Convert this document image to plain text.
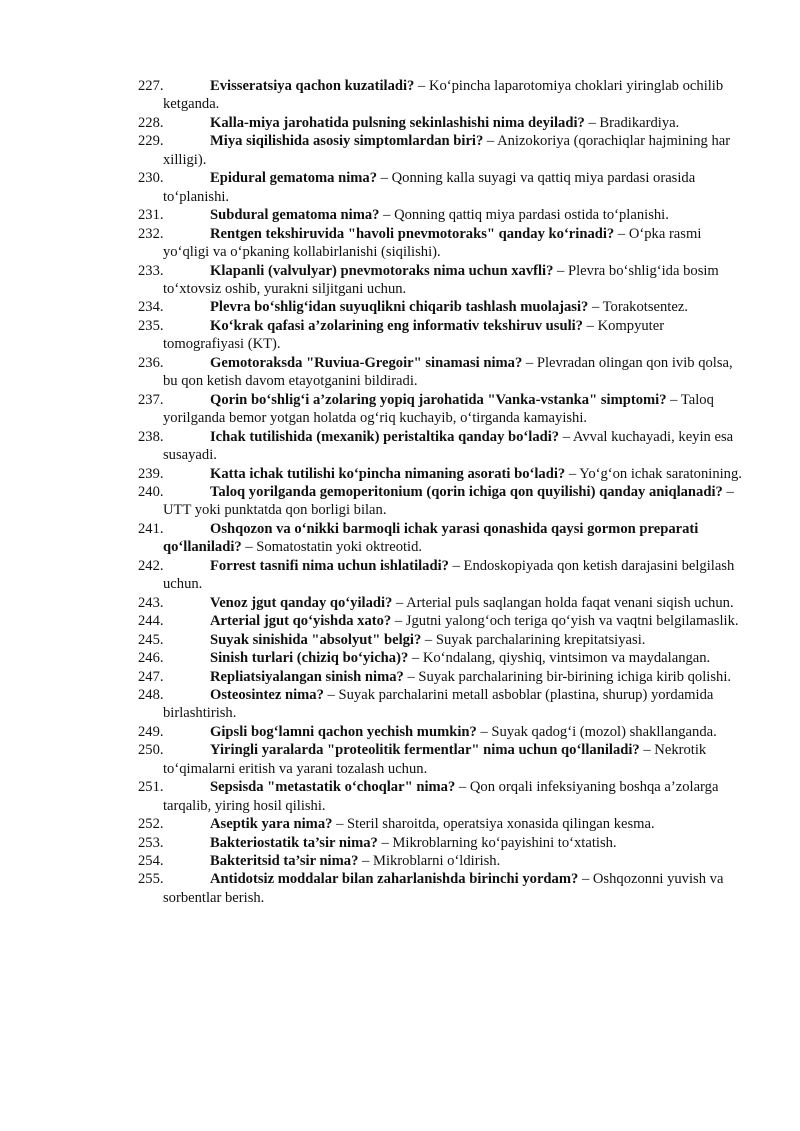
227.	Evisseratsiya qachon kuzatiladi? – Ko‘pincha laparotomiya choklari yiringlab ochilib ketganda.
228.	Kalla-miya jarohatida pulsning sekinlashishi nima deyiladi? – Bradikardiya.
229.	Miya siqilishida asosiy simptomlardan biri? – Anizokoriya (qorachiqlar hajmining har xilligi).
230.	Epidural gematoma nima? – Qonning kalla suyagi va qattiq miya pardasi orasida to‘planishi.
231.	Subdural gematoma nima? – Qonning qattiq miya pardasi ostida to‘planishi.
232.	Rentgen tekshiruvida "havoli pnevmotoraks" qanday ko‘rinadi? – O‘pka rasmi yo‘qligi va o‘pkaning kollabirlanishi (siqilishi).
233.	Klapanli (valvulyar) pnevmotoraks nima uchun xavfli? – Plevra bo‘shlig‘ida bosim to‘xtovsiz oshib, yurakni siljitgani uchun.
234.	Plevra bo‘shlig‘idan suyuqlikni chiqarib tashlash muolajasi? – Torakotsentez.
235.	Ko‘krak qafasi a’zolarining eng informativ tekshiruv usuli? – Kompyuter tomografiyasi (KT).
236.	Gemotoraksda "Ruviua-Gregoir" sinamasi nima? – Plevradan olingan qon ivib qolsa, bu qon ketish davom etayotganini bildiradi.
237.	Qorin bo‘shlig‘i a’zolaring yopiq jarohatida "Vanka-vstanka" simptomi? – Taloq yorilganda bemor yotgan holatda og‘riq kuchayib, o‘tirganda kamayishi.
238.	Ichak tutilishida (mexanik) peristaltika qanday bo‘ladi? – Avval kuchayadi, keyin esa susayadi.
239.	Katta ichak tutilishi ko‘pincha nimaning asorati bo‘ladi? – Yo‘g‘on ichak saratonining.
240.	Taloq yorilganda gemoperitonium (qorin ichiga qon quyilishi) qanday aniqlanadi? – UTT yoki punktatda qon borligi bilan.
241.	Oshqozon va o‘nikki barmoqli ichak yarasi qonashida qaysi gormon preparati qo‘llaniladi? – Somatostatin yoki oktreotid.
242.	Forrest tasnifi nima uchun ishlatiladi? – Endoskopiyada qon ketish darajasini belgilash uchun.
243.	Venoz jgut qanday qo‘yiladi? – Arterial puls saqlangan holda faqat venani siqish uchun.
244.	Arterial jgut qo‘yishda xato? – Jgutni yalong‘och teriga qo‘yish va vaqtni belgilamaslik.
245.	Suyak sinishida "absolyut" belgi? – Suyak parchalarining krepitatsiyasi.
246.	Sinish turlari (chiziq bo‘yicha)? – Ko‘ndalang, qiyshiq, vintsimon va maydalangan.
247.	Repliatsiyalangan sinish nima? – Suyak parchalarining bir-birining ichiga kirib qolishi.
248.	Osteosintez nima? – Suyak parchalarini metall asboblar (plastina, shurup) yordamida birlashtirish.
249.	Gipsli bog‘lamni qachon yechish mumkin? – Suyak qadog‘i (mozol) shakllanganda.
250.	Yiringli yaralarda "proteolitik fermentlar" nima uchun qo‘llaniladi? – Nekrotik to‘qimalarni eritish va yarani tozalash uchun.
251.	Sepsisda "metastatik o‘choqlar" nima? – Qon orqali infeksiyaning boshqa a’zolarga tarqalib, yiring hosil qilishi.
252.	Aseptik yara nima? – Steril sharoitda, operatsiya xonasida qilingan kesma.
253.	Bakteriostatik ta’sir nima? – Mikroblarning ko‘payishini to‘xtatish.
254.	Bakteritsid ta’sir nima? – Mikroblarni o‘ldirish.
255.	Antidotsiz moddalar bilan zaharlanishda birinchi yordam? – Oshqozonni yuvish va sorbentlar berish.
